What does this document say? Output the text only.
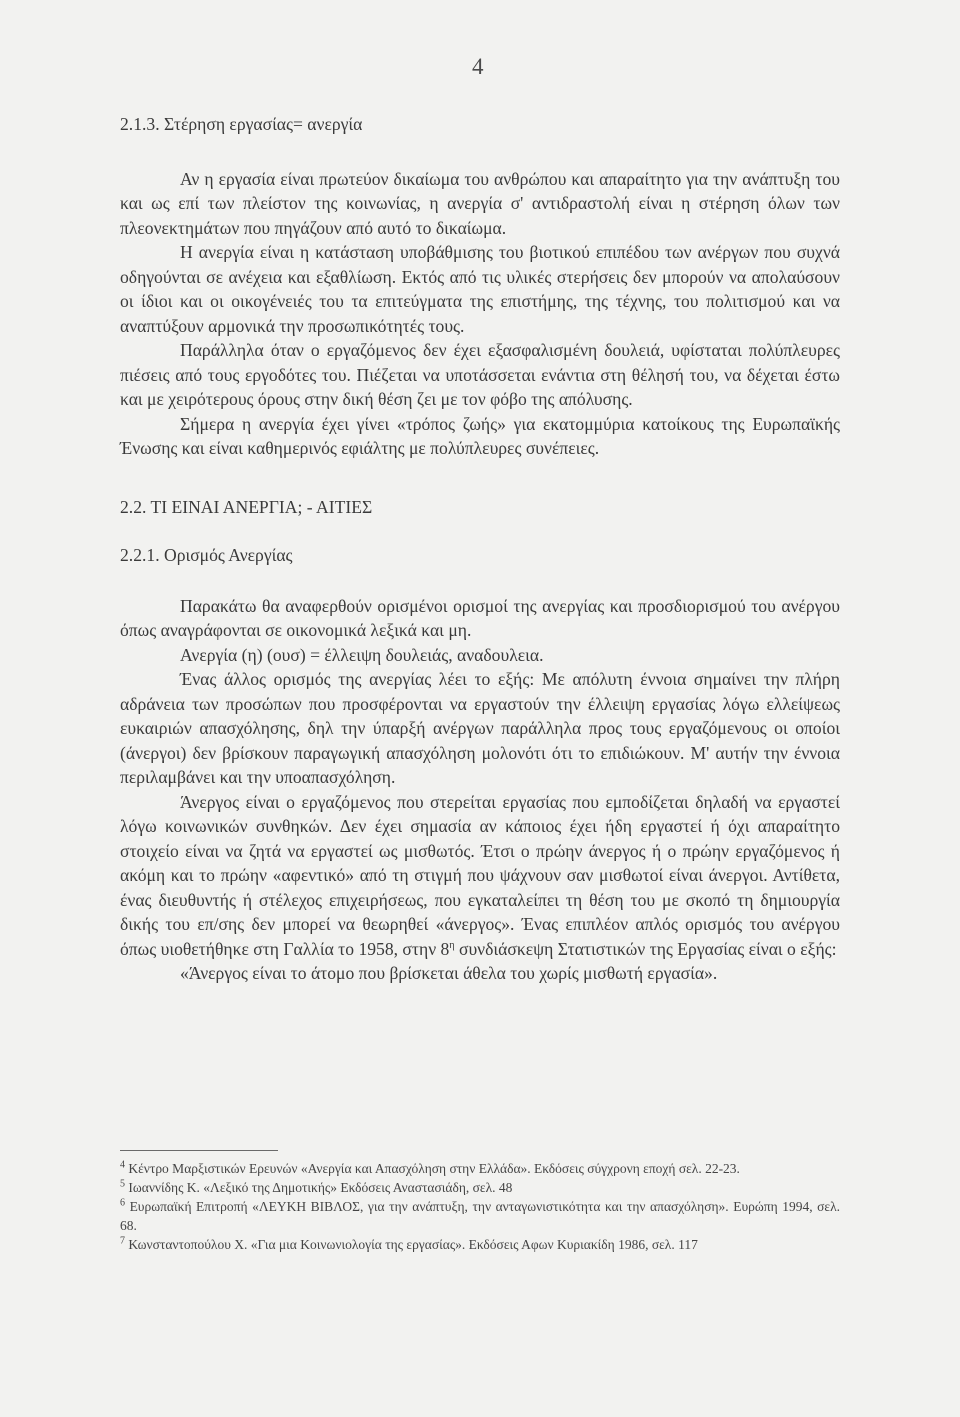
4

2.1.3. Στέρηση εργασίας= ανεργία

Αν η εργασία είναι πρωτεύον δικαίωμα του ανθρώπου και απαραίτητο για την ανάπτυξη του και ως επί των πλείστον της κοινωνίας, η ανεργία σ' αντιδραστολή είναι η στέρηση όλων των πλεονεκτημάτων που πηγάζουν από αυτό το δικαίωμα.

Η ανεργία είναι η κατάσταση υποβάθμισης του βιοτικού επιπέδου των ανέργων που συχνά οδηγούνται σε ανέχεια και εξαθλίωση. Εκτός από τις υλικές στερήσεις δεν μπορούν να απολαύσουν οι ίδιοι και οι οικογένειές του τα επιτεύγματα της επιστήμης, της τέχνης, του πολιτισμού και να αναπτύξουν αρμονικά την προσωπικότητές τους.

Παράλληλα όταν ο εργαζόμενος δεν έχει εξασφαλισμένη δουλειά, υφίσταται πολύπλευρες πιέσεις από τους εργοδότες του. Πιέζεται να υποτάσσεται ενάντια στη θέλησή του, να δέχεται έστω και με χειρότερους όρους στην δική θέση ζει με τον φόβο της απόλυσης.

Σήμερα η ανεργία έχει γίνει «τρόπος ζωής» για εκατομμύρια κατοίκους της Ευρωπαϊκής Ένωσης και είναι καθημερινός εφιάλτης με πολύπλευρες συνέπειες.

2.2. ΤΙ ΕΙΝΑΙ ΑΝΕΡΓΙΑ; - ΑΙΤΙΕΣ

2.2.1. Ορισμός Ανεργίας

Παρακάτω θα αναφερθούν ορισμένοι ορισμοί της ανεργίας και προσδιορισμού του ανέργου όπως αναγράφονται σε οικονομικά λεξικά και μη.

Ανεργία (η) (ουσ) = έλλειψη δουλειάς, αναδουλεια.

Ένας άλλος ορισμός της ανεργίας λέει το εξής: Με απόλυτη έννοια σημαίνει την πλήρη αδράνεια των προσώπων που προσφέρονται να εργαστούν την έλλειψη εργασίας λόγω ελλείψεως ευκαιριών απασχόλησης, δηλ την ύπαρξή ανέργων παράλληλα προς τους εργαζόμενους οι οποίοι (άνεργοι) δεν βρίσκουν παραγωγική απασχόληση μολονότι ότι το επιδιώκουν. Μ' αυτήν την έννοια περιλαμβάνει και την υποαπασχόληση.

Άνεργος είναι ο εργαζόμενος που στερείται εργασίας που εμποδίζεται δηλαδή να εργαστεί λόγω κοινωνικών συνθηκών. Δεν έχει σημασία αν κάποιος έχει ήδη εργαστεί ή όχι απαραίτητο στοιχείο είναι να ζητά να εργαστεί ως μισθωτός. Έτσι ο πρώην άνεργος ή ο πρώην εργαζόμενος ή ακόμη και το πρώην «αφεντικό» από τη στιγμή που ψάχνουν σαν μισθωτοί είναι άνεργοι. Αντίθετα, ένας διευθυντής ή στέλεχος επιχειρήσεως, που εγκαταλείπει τη θέση του με σκοπό τη δημιουργία δικής του επ/σης δεν μπορεί να θεωρηθεί «άνεργος». Ένας επιπλέον απλός ορισμός του ανέργου όπως υιοθετήθηκε στη Γαλλία το 1958, στην $8^\eta$ συνδιάσκεψη Στατιστικών της Εργασίας είναι ο εξής:

«Άνεργος είναι το άτομο που βρίσκεται άθελα του χωρίς μισθωτή εργασία».

$^4$ Κέντρο Μαρξιστικών Ερευνών «Ανεργία και Απασχόληση στην Ελλάδα». Εκδόσεις σύγχρονη εποχή σελ. 22-23.

$^5$ Ιωαννίδης Κ. «Λεξικό της Δημοτικής» Εκδόσεις Αναστασιάδη, σελ. 48

$^6$ Ευρωπαϊκή Επιτροπή «ΛΕΥΚΗ ΒΙΒΛΟΣ, για την ανάπτυξη, την ανταγωνιστικότητα και την απασχόληση». Ευρώπη 1994, σελ. 68.

$^7$ Κωνσταντοπούλου Χ. «Για μια Κοινωνιολογία της εργασίας». Εκδόσεις Αφων Κυριακίδη 1986, σελ. 117
